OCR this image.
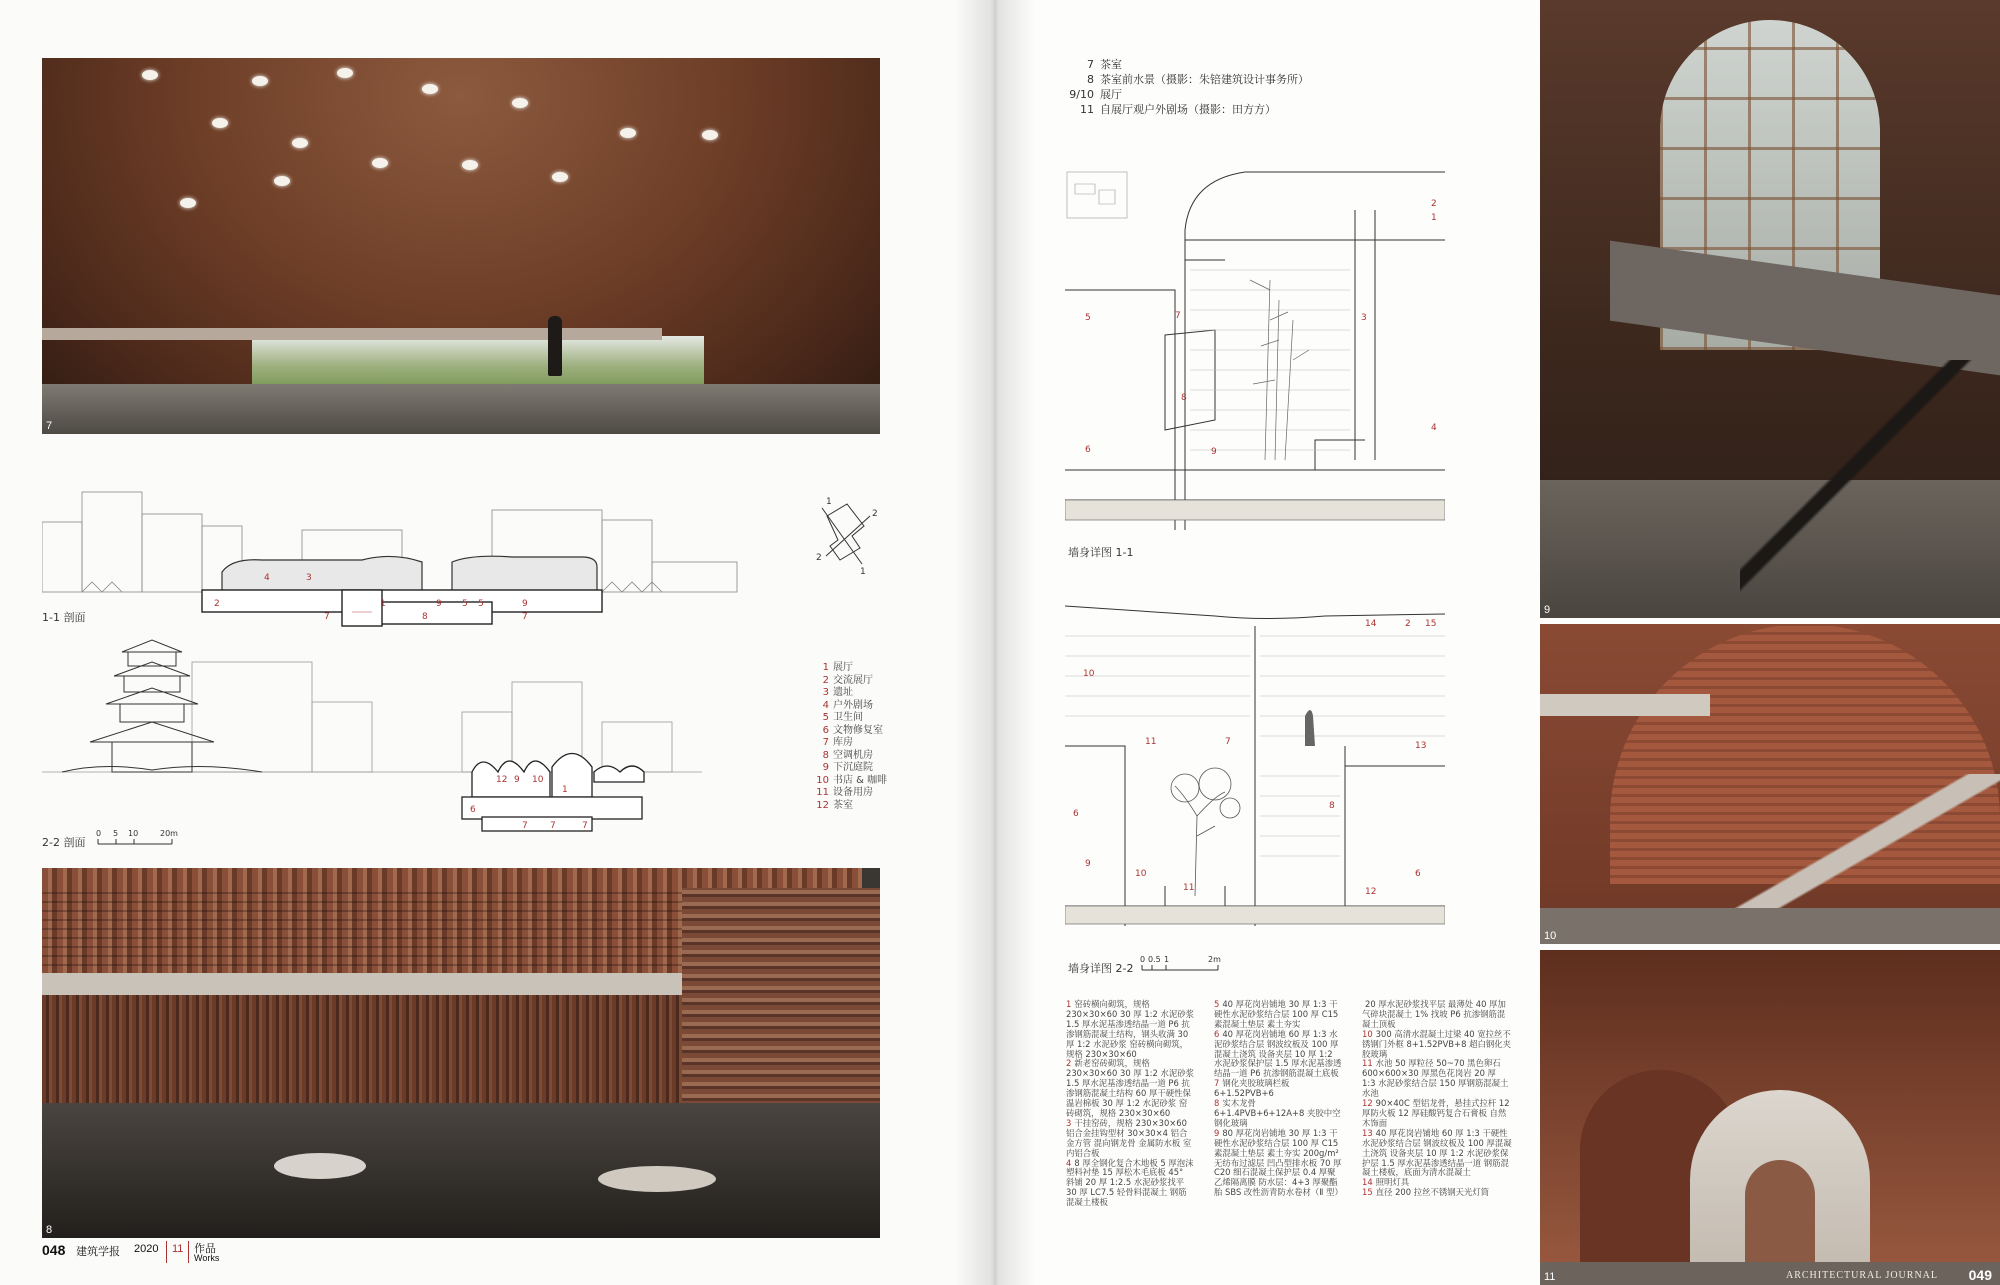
7
2
4	3
1	9 5 5	9
8
7	7
1-1 剖面
1
1
2
2
12 9 10
6
1
7 7	7
2-2 剖面
0 5 10	20m
1 展厅
2 交流展厅
3 遗址
4 户外剧场
5 卫生间
6 文物修复室
7 库房
8 空调机房
9 下沉庭院
10 书店 & 咖啡
11 设备用房
12 茶室
8
048 建筑学报 2020 11 作品
Works
7 茶室
8 茶室前水景（摄影：朱锫建筑设计事务所）
9/10 展厅
11 自展厅观户外剧场（摄影：田方方）
1
2
3
4
5
6
7
8
9
墙身详图 1-1
10
11
14	2 15
13
6
6
7
8
9
10
11	12
墙身详图 2-2
0 0.5 1	2m
1 窑砖横向砌筑，规格 230×30×60 30 厚 1:2 水泥砂浆 1.5 厚水泥基渗透结晶一道 P6 抗渗钢筋混凝土结构，钢头收满 30 厚 1:2 水泥砂浆 窑砖横向砌筑，规格 230×30×60
2 新老窑砖砌筑，规格 230×30×60 30 厚 1:2 水泥砂浆 1.5 厚水泥基渗透结晶一道 P6 抗渗钢筋混凝土结构 60 厚干硬性保温岩棉板 30 厚 1:2 水泥砂浆 窑砖砌筑，规格 230×30×60
3 干挂窑砖，规格 230×30×60 铝合金挂钩型材 30×30×4 铝合金方管 混向钢龙骨 金属防水板 室内铝合板
4 8 厚全钢化复合木地板 5 厚泡沫塑料衬垫 15 厚松木毛底板 45° 斜铺 20 厚 1:2.5 水泥砂浆找平 30 厚 LC7.5 轻骨料混凝土 钢筋混凝土楼板
5 40 厚花岗岩铺地 30 厚 1:3 干硬性水泥砂浆结合层 100 厚 C15 素混凝土垫层 素土夯实
6 40 厚花岗岩铺地 60 厚 1:3 水泥砂浆结合层 钢波纹板及 100 厚混凝土浇筑 设备夹层 10 厚 1:2 水泥砂浆保护层 1.5 厚水泥基渗透结晶一道 P6 抗渗钢筋混凝土底板
7 钢化夹胶玻璃栏板 6+1.52PVB+6
8 实木龙骨 6+1.4PVB+6+12A+8 夹胶中空 钢化玻璃
9 80 厚花岗岩铺地 30 厚 1:3 干硬性水泥砂浆结合层 100 厚 C15 素混凝土垫层 素土夯实 200g/m² 无纺布过滤层 凹凸型排水板 70 厚 C20 细石混凝土保护层 0.4 厚聚乙烯隔离膜 防水层：4+3 厚聚酯胎 SBS 改性沥青防水卷材（Ⅱ 型）
20 厚水泥砂浆找平层 最薄处 40 厚加气碎块混凝土 1% 找坡 P6 抗渗钢筋混凝土顶板
10 300 高清水混凝土过梁 40 宽拉丝不锈钢门外框 8+1.52PVB+8 超白钢化夹胶玻璃
11 水池 50 厚粒径 50~70 黑色卵石 600×600×30 厚黑色花岗岩 20 厚 1:3 水泥砂浆结合层 150 厚钢筋混凝土水池
12 90×40C 型铝龙骨，悬挂式拉杆 12 厚防火板 12 厚硅酸钙复合石膏板 自然木饰面
13 40 厚花岗岩铺地 60 厚 1:3 干硬性水泥砂浆结合层 钢波纹板及 100 厚混凝土浇筑 设备夹层 10 厚 1:2 水泥砂浆保护层 1.5 厚水泥基渗透结晶一道 钢筋混凝土楼板，底面为清水混凝土
14 照明灯具
15 直径 200 拉丝不锈钢天光灯筒
9
10
11	ARCHITECTURAL JOURNAL 049
